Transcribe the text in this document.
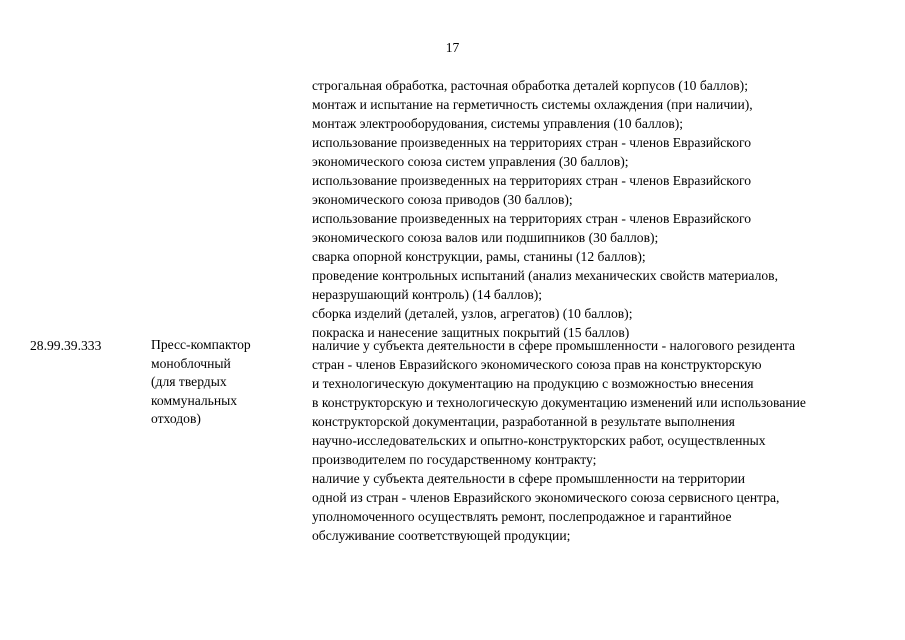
17
строгальная обработка, расточная обработка деталей корпусов (10 баллов);
монтаж и испытание на герметичность системы охлаждения (при наличии),
монтаж электрооборудования, системы управления (10 баллов);
использование произведенных на территориях стран - членов Евразийского
экономического союза систем управления (30 баллов);
использование произведенных на территориях стран - членов Евразийского
экономического союза приводов (30 баллов);
использование произведенных на территориях стран - членов Евразийского
экономического союза валов или подшипников (30 баллов);
сварка опорной конструкции, рамы, станины (12 баллов);
проведение контрольных испытаний (анализ механических свойств материалов,
неразрушающий контроль) (14 баллов);
сборка изделий (деталей, узлов, агрегатов) (10 баллов);
покраска и нанесение защитных покрытий (15 баллов)
28.99.39.333	Пресс-компактор
моноблочный
(для твердых
коммунальных
отходов)
наличие у субъекта деятельности в сфере промышленности - налогового резидента
стран - членов Евразийского экономического союза прав на конструкторскую
и технологическую документацию на продукцию с возможностью внесения
в конструкторскую и технологическую документацию изменений или использование
конструкторской документации, разработанной в результате выполнения
научно-исследовательских и опытно-конструкторских работ, осуществленных
производителем по государственному контракту;
наличие у субъекта деятельности в сфере промышленности на территории
одной из стран - членов Евразийского экономического союза сервисного центра,
уполномоченного осуществлять ремонт, послепродажное и гарантийное
обслуживание соответствующей продукции;
